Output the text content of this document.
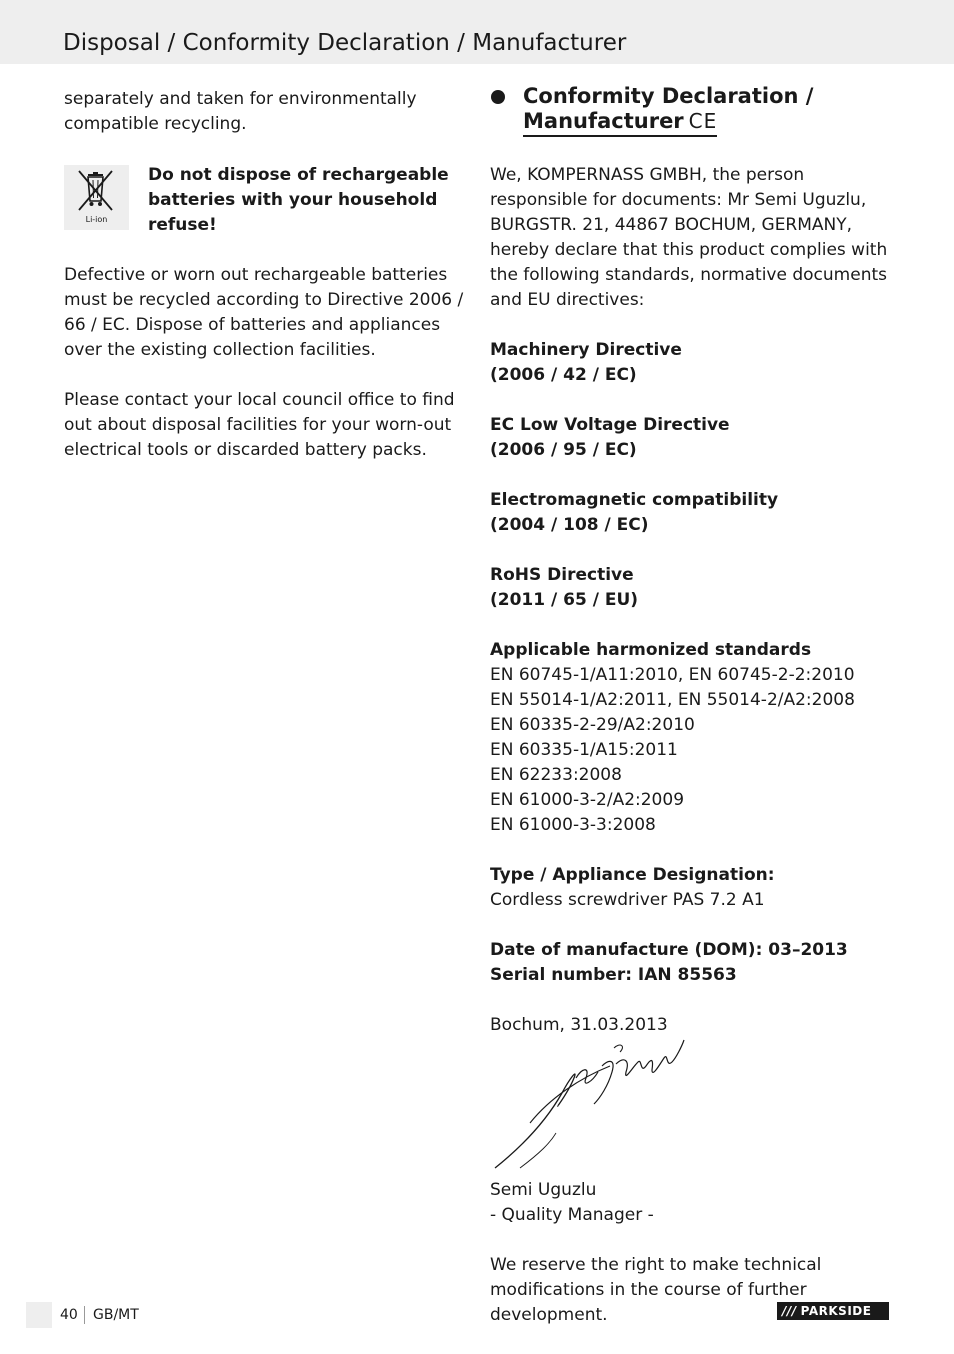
Disposal / Conformity Declaration / Manufacturer

separately and taken for environmentally compatible recycling.

Li-ion
Do not dispose of rechargeable batteries with your household refuse!

Defective or worn out rechargeable batteries must be recycled according to Directive 2006 / 66 / EC. Dispose of batteries and appliances over the existing collection facilities.

Please contact your local council office to find out about disposal facilities for your worn-out electrical tools or discarded battery packs.

Conformity Declaration /
Manufacturer CE

We, KOMPERNASS GMBH, the person responsible for documents: Mr Semi Uguzlu, BURGSTR. 21, 44867 BOCHUM, GERMANY, hereby declare that this product complies with the following standards, normative documents and EU directives:

Machinery Directive

(2006 / 42 / EC)

EC Low Voltage Directive

(2006 / 95 / EC)

Electromagnetic compatibility

(2004 / 108 / EC)

RoHS Directive

(2011 / 65 / EU)

Applicable harmonized standards

EN 60745-1/A11:2010, EN 60745-2-2:2010

EN 55014-1/A2:2011, EN 55014-2/A2:2008

EN 60335-2-29/A2:2010

EN 60335-1/A15:2011

EN 62233:2008

EN 61000-3-2/A2:2009

EN 61000-3-3:2008

Type / Appliance Designation:

Cordless screwdriver PAS 7.2 A1

Date of manufacture (DOM): 03–2013

Serial number: IAN 85563

Bochum, 31.03.2013

Semi Uguzlu

- Quality Manager -

We reserve the right to make technical modifications in the course of further development.

40 GB/MT	/// PARKSIDE
